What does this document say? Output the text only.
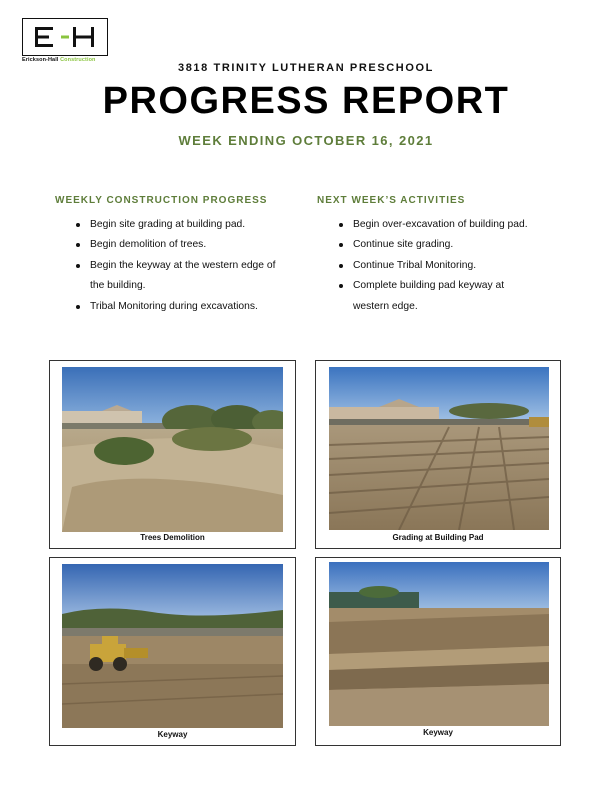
Erickson-Hall Construction
3818 TRINITY LUTHERAN PRESCHOOL
PROGRESS REPORT
WEEK ENDING OCTOBER 16, 2021
WEEKLY CONSTRUCTION PROGRESS
Begin site grading at building pad.
Begin demolition of trees.
Begin the keyway at the western edge of
the building.
Tribal Monitoring during excavations.
NEXT WEEK’S ACTIVITIES
Begin over-excavation of building pad.
Continue site grading.
Continue Tribal Monitoring.
Complete building pad keyway at
western edge.
Trees Demolition	Grading at Building Pad
Keyway	Keyway
